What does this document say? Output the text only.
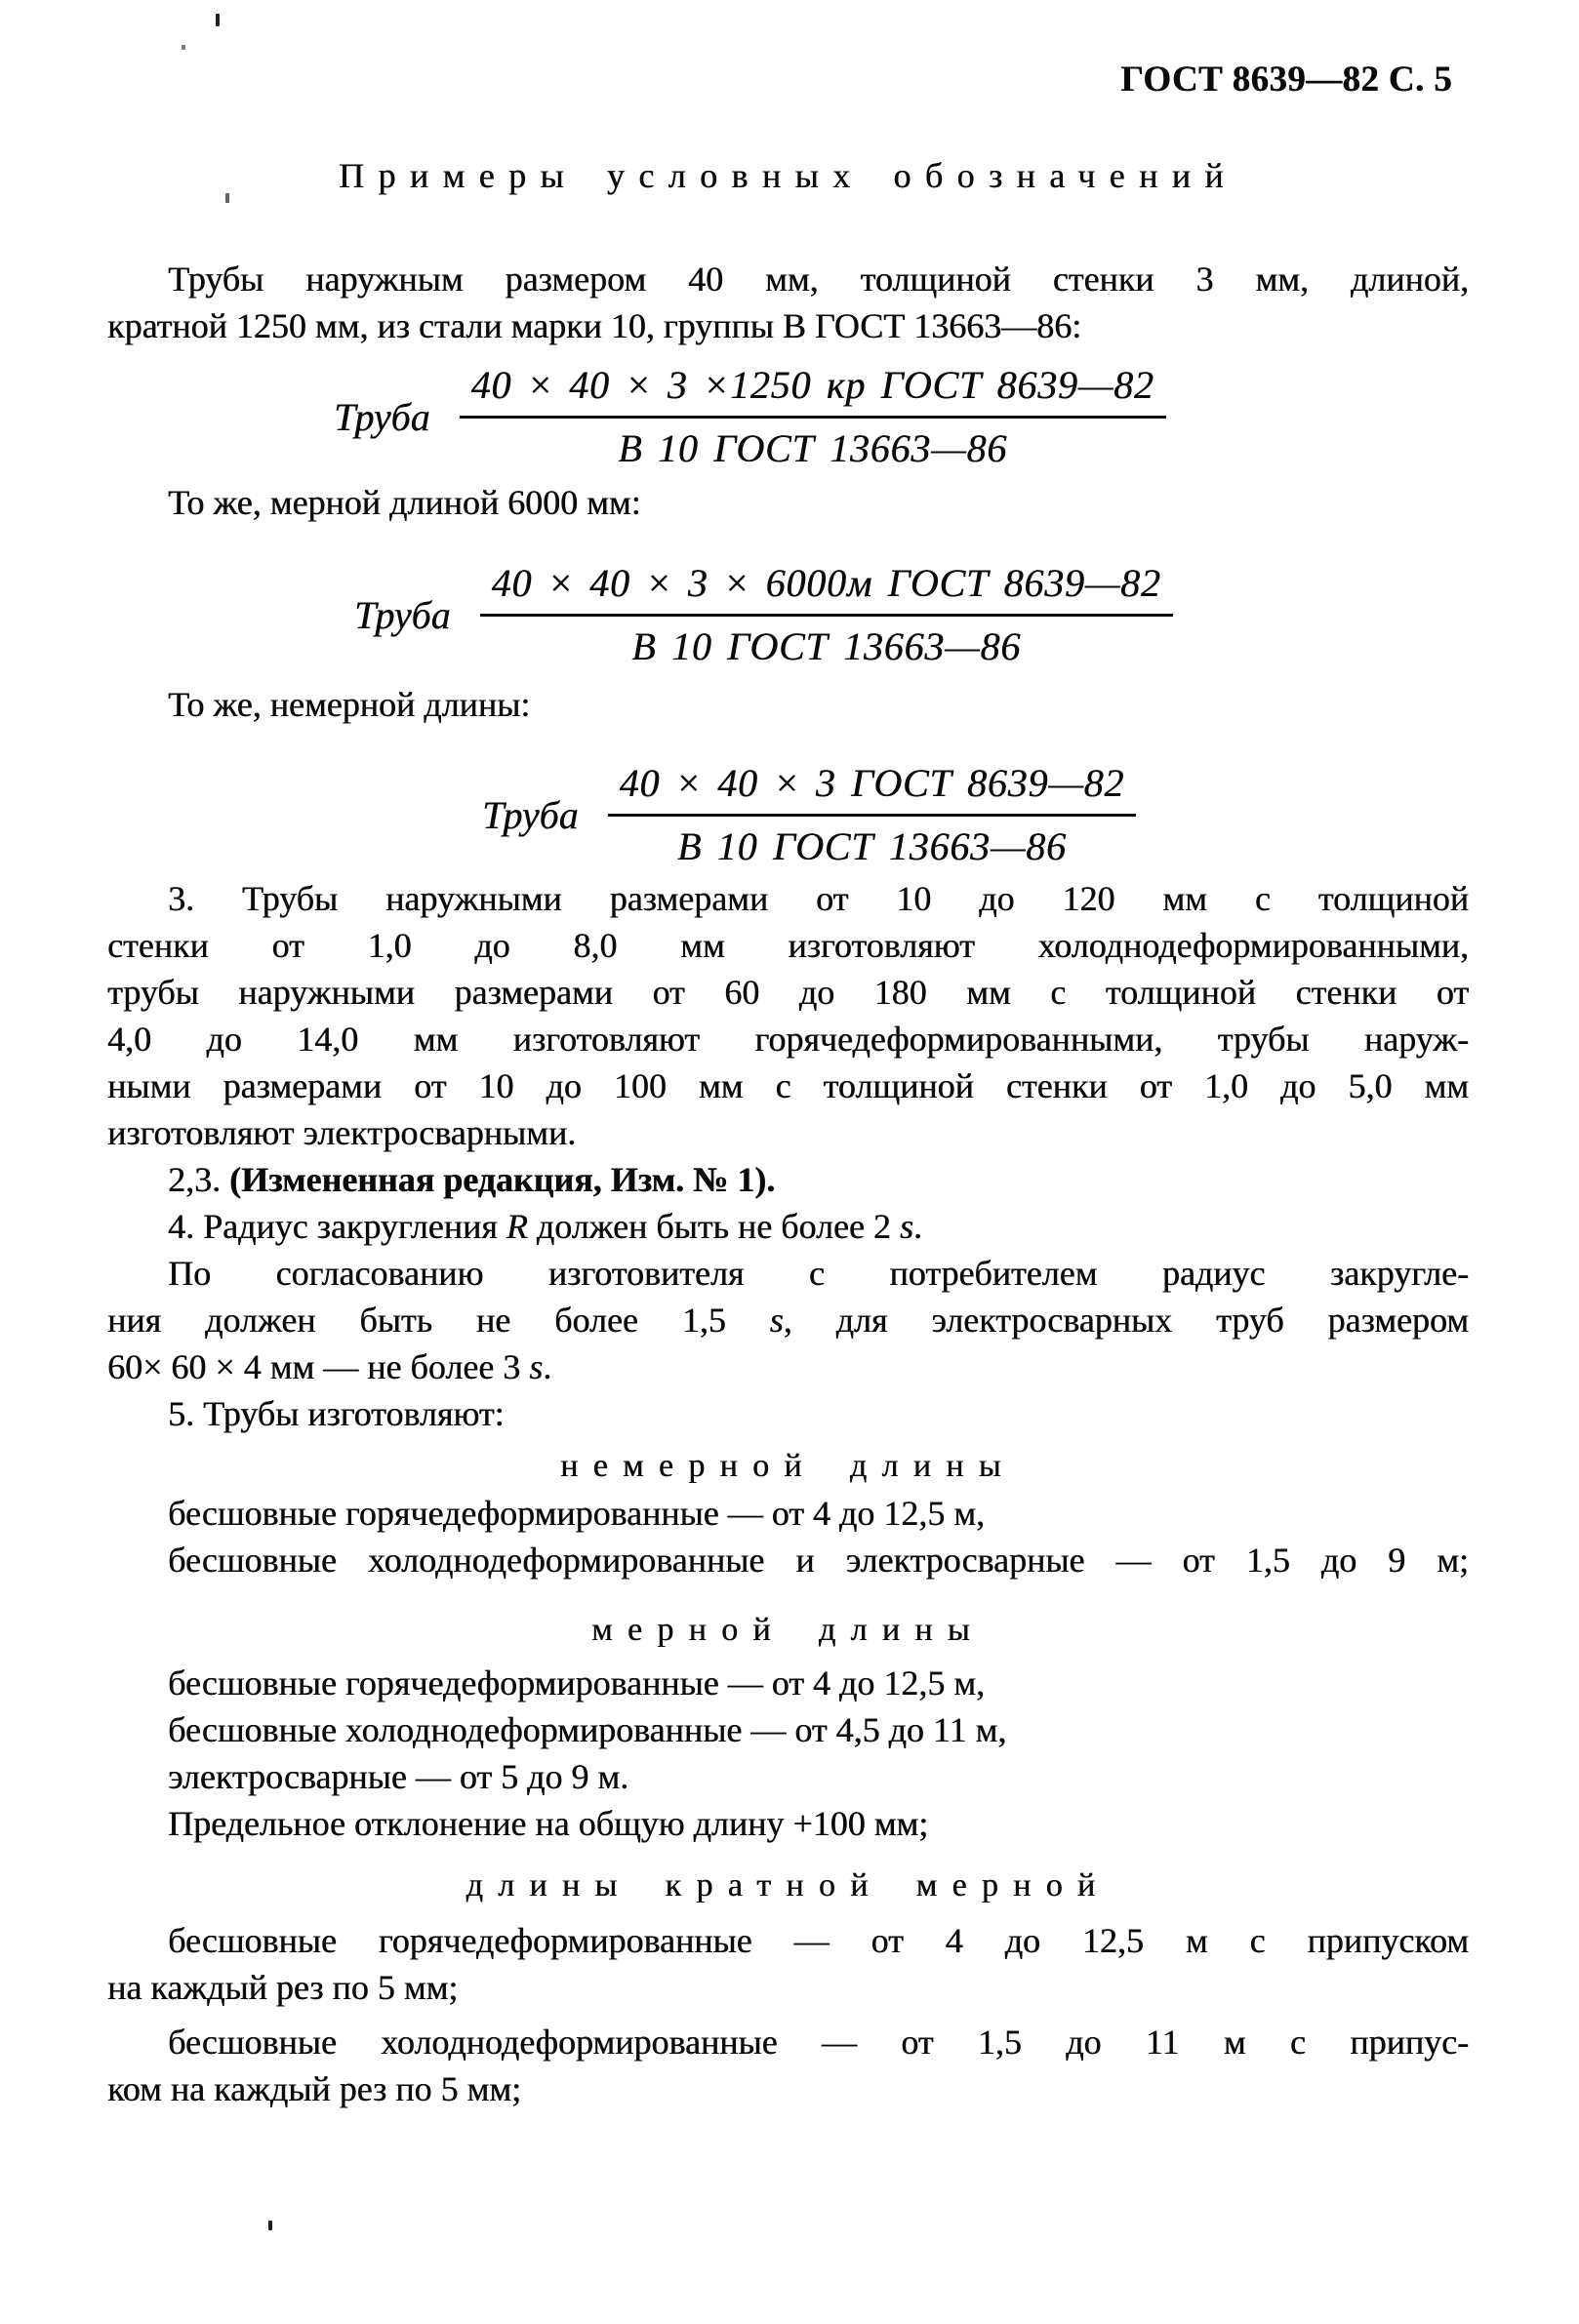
ГОСТ 8639—82 С. 5
Примеры условных обозначений
Трубы наружным размером 40 мм, толщиной стенки 3 мм, длиной,
кратной 1250 мм, из стали марки 10, группы В ГОСТ 13663—86:
Труба $\frac{\text{40 × 40 × 3 ×1250 кр ГОСТ 8639—82}}{\text{В 10 ГОСТ 13663—86}}$
То же, мерной длиной 6000 мм:
Труба $\frac{\text{40 × 40 × 3 × 6000м ГОСТ 8639—82}}{\text{В 10 ГОСТ 13663—86}}$
То же, немерной длины:
Труба $\frac{\text{40 × 40 × 3 ГОСТ 8639—82}}{\text{В 10 ГОСТ 13663—86}}$
3. Трубы наружными размерами от 10 до 120 мм с толщиной
стенки от 1,0 до 8,0 мм изготовляют холоднодеформированными,
трубы наружными размерами от 60 до 180 мм с толщиной стенки от
4,0 до 14,0 мм изготовляют горячедеформированными, трубы наруж-
ными размерами от 10 до 100 мм с толщиной стенки от 1,0 до 5,0 мм
изготовляют электросварными.
2,3. (Измененная редакция, Изм. № 1).
4. Радиус закругления R должен быть не более 2 s.
По согласованию изготовителя с потребителем радиус закругле-
ния должен быть не более 1,5 s, для электросварных труб размером
60× 60 × 4 мм — не более 3 s.
5. Трубы изготовляют:
немерной длины
бесшовные горячедеформированные — от 4 до 12,5 м,
бесшовные холоднодеформированные и электросварные — от 1,5 до 9 м;
мерной длины
бесшовные горячедеформированные — от 4 до 12,5 м,
бесшовные холоднодеформированные — от 4,5 до 11 м,
электросварные — от 5 до 9 м.
Предельное отклонение на общую длину +100 мм;
длины кратной мерной
бесшовные горячедеформированные — от 4 до 12,5 м с припуском
на каждый рез по 5 мм;
бесшовные холоднодеформированные — от 1,5 до 11 м с припус-
ком на каждый рез по 5 мм;
